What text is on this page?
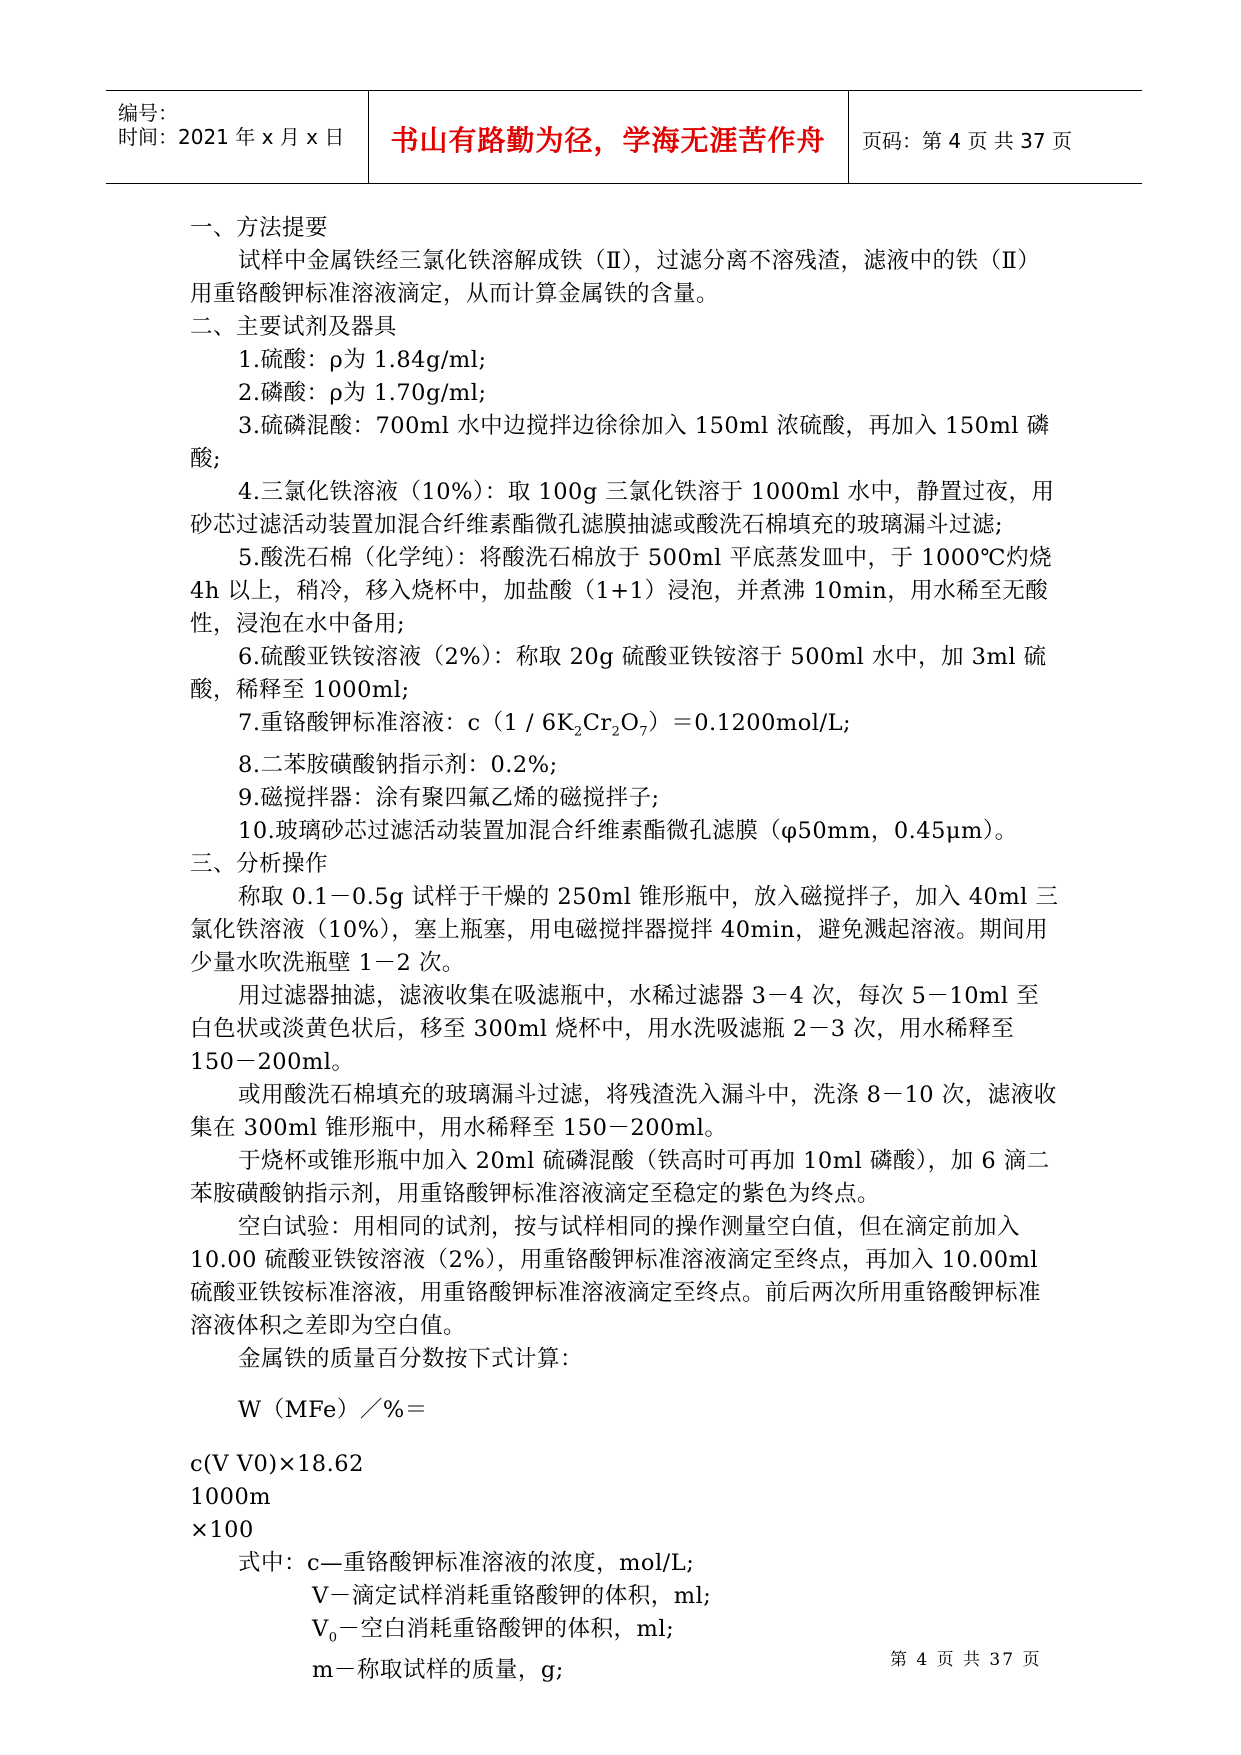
编号：
时间：2021 年 x 月 x 日	书山有路勤为径，学海无涯苦作舟	页码：第 4 页 共 37 页

一、方法提要

试样中金属铁经三氯化铁溶解成铁（Ⅱ），过滤分离不溶残渣，滤液中的铁（Ⅱ）用重铬酸钾标准溶液滴定，从而计算金属铁的含量。

二、主要试剂及器具

1.硫酸：ρ为 1.84g/ml;

2.磷酸：ρ为 1.70g/ml;

3.硫磷混酸：700ml 水中边搅拌边徐徐加入 150ml 浓硫酸，再加入 150ml 磷酸;

4.三氯化铁溶液（10%）：取 100g 三氯化铁溶于 1000ml 水中，静置过夜，用砂芯过滤活动装置加混合纤维素酯微孔滤膜抽滤或酸洗石棉填充的玻璃漏斗过滤;

5.酸洗石棉（化学纯）：将酸洗石棉放于 500ml 平底蒸发皿中，于 1000℃灼烧 4h 以上，稍冷，移入烧杯中，加盐酸（1+1）浸泡，并煮沸 10min，用水稀至无酸性，浸泡在水中备用;

6.硫酸亚铁铵溶液（2%）：称取 20g 硫酸亚铁铵溶于 500ml 水中，加 3ml 硫酸，稀释至 1000ml;

7.重铬酸钾标准溶液：$c(1 / 6K_2Cr_2O_7)=0.1200mol/L$;

8.二苯胺磺酸钠指示剂：0.2%;

9.磁搅拌器：涂有聚四氟乙烯的磁搅拌子;

10.玻璃砂芯过滤活动装置加混合纤维素酯微孔滤膜（φ50mm，0.45μm）。

三、分析操作

称取 0.1－0.5g 试样于干燥的 250ml 锥形瓶中，放入磁搅拌子，加入 40ml 三氯化铁溶液（10%），塞上瓶塞，用电磁搅拌器搅拌 40min，避免溅起溶液。期间用少量水吹洗瓶壁 1－2 次。

用过滤器抽滤，滤液收集在吸滤瓶中，水稀过滤器 3－4 次，每次 5－10ml 至白色状或淡黄色状后，移至 300ml 烧杯中，用水洗吸滤瓶 2－3 次，用水稀释至 150－200ml。

或用酸洗石棉填充的玻璃漏斗过滤，将残渣洗入漏斗中，洗涤 8－10 次，滤液收集在 300ml 锥形瓶中，用水稀释至 150－200ml。

于烧杯或锥形瓶中加入 20ml 硫磷混酸（铁高时可再加 10ml 磷酸），加 6 滴二苯胺磺酸钠指示剂，用重铬酸钾标准溶液滴定至稳定的紫色为终点。

空白试验：用相同的试剂，按与试样相同的操作测量空白值，但在滴定前加入 10.00 硫酸亚铁铵溶液（2%），用重铬酸钾标准溶液滴定至终点，再加入 10.00ml 硫酸亚铁铵标准溶液，用重铬酸钾标准溶液滴定至终点。前后两次所用重铬酸钾标准溶液体积之差即为空白值。

金属铁的质量百分数按下式计算：

W（MFe）／%＝

c(V V0)×18.62
1000m
×100

式中：c—重铬酸钾标准溶液的浓度，mol/L;

V－滴定试样消耗重铬酸钾的体积，ml;

$V_0-$空白消耗重铬酸钾的体积，ml;

m－称取试样的质量，g;	第 4 页 共 37 页
